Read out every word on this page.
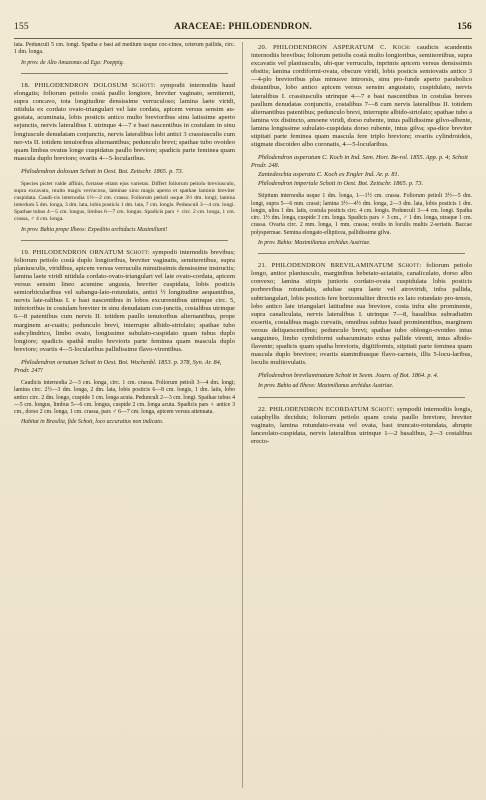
155	ARACEAE: PHILODENDRON.	156

lata. Pedunculi 5 cm. longi. Spatha e basi ad medium usque coc-cinea, ceterum pallida, circ. 1 dm. longa.

In prov. de Alto Amazonas ad Ega: Poeppig.

18. PHILODENDRON DOLOSUM Schott: sympodii internodiis haud elongatis; foliorum petiolo costà paullo longiore, breviter vaginato, semitereti, supra concavo, tota longitudine densissime verruculoso; lamina laete viridi, nitidula ex cordato ovato-triangulari vel late cordata, apicem versus sensim au-gustata, acuminata, lobis posticis antico multo brevioribus sinu latissime aperto sejunctis, nervis lateralibus I. utrinque 4—7 e basi nascentibus in costulam in sinu longiuscule denudatam conjunctis, nervis lateralibus lobi antici 3 crassiusculis cum ner-vis II. totidem tenuioribus alternantibus; pedunculo brevi; spathae tubo ovoideo quam limbus ovatus longe cuspidatus paullo breviore; spadicis parte feminea quam mascula duplo breviore; ovariis 4—5-locularibus.

Philodendron dolosum Schott in Oest. Bot. Zeitschr. 1865. p. 73.

Species pictet valde affinis, fortasse etiam ejus varietas. Differt foliorum petiolo breviusculo, supra excavato, multo magis verrucoso, laminae sinu magis aperto et spathae laminis breviter cuspidata. Caudi-cis internodia 1½—2 cm. crassa. Foliorum petioli usque 3½ dm. longi; lamina interdum 5 dm. longa, 3 dm. lata, lobis posticis 1 dm. lata, 7 cm. longis. Pedunculi 3—4 cm. longi. Spathae tubus 4—5 cm. longus, limbus 6—7 cm. longus. Spadicis pars ♀ circ. 2 cm. longa, 1 cm. crassa, ♂ 4 cm. longa.

In prov. Bahia prope Ilheos: Expeditio archiducis Maximiliani!

19. PHILODENDRON ORNATUM Schott: sympodii internodiis brevibus; foliorum petiolo costà duplo longioribus, breviter vaginatis, semiteretibus, supra planiusculis, viridibus, apicem versus verruculis minutissimis densissime instructis; lamina laete viridi nitidula cordato-ovato-triangulari vel late ovato-cordata, apicem versus sensim lineo acumine angusta, breviter cuspidata, lobis posticis semiorbicularibus vel subangu-lato-rotundatis, antici ½ longitudine aequantibus, nervis late-ralibus I. e basi nascentibus in lobos excurrentibus utrinque circ. 5, inferioribus in costulam breviter in sinu denudatam con-junctis, costalibus utrinque 6—8 patentibus cum nervis II. totidem paullo tenuioribus alternantibus, prope marginem ar-cuatis; pedunculo brevi, interrupte albido-striolato; spathae tubo subcylindrico, limbo ovato, longissime subulato-cuspidato quam tubus duplo longiore; spadicis spathâ multo brevioris parte feminea quam mascula duplo breviore; ovariis 4—5-locularibus pallidissime flavo-virentibus.

Philodendron ornatum Schott in Oest. Bot. Wochenbl. 1853. p. 378, Syn. Ar. 84, Prodr. 247!

Caudicis internodia 2—3 cm. longa, circ. 1 cm. crassa. Foliorum petioli 3—4 dm. longi; lamina circ. 2½—3 dm. longa, 2 dm. lata, lobis posticis 6—8 cm. longis, 1 dm. latis, lobo antico circ. 2 dm. longo, cuspide 1 cm. longa acuta. Pedunculi 2—3 cm. longi. Spathae tubus 4—5 cm. longus, limbus 5—6 cm. longus, cuspide 2 cm. longa acuta. Spadicis pars ♀ antice 3 cm., dorso 2 cm. longa, 1 cm. crassa, pars ♂ 6—7 cm. longa, apicem versus attenuata.

Habitat in Brasilia, fide Schott, loco accuratius non indicato.

20. PHILODENDRON ASPERATUM C. Koch: caudicis scandentis internodiis brevibus; foliorum petiolis costà multo longioribus, semiteretibus, supra excavatis vel planiusculis, ubi-que verruculis, inprimis apicem versus densissimis obsitis; lamina cordiformi-ovata, obscure viridi, lobis posticis semiovatis antico 3—4-plo brevioribus plus minusve introrsis, sinu pro-funde aperto parabolico distantibus, lobo antico apicem versus sensim angustato, cuspidulato, nervis lateralibus I. crassiusculis utrinque 4—7 e basi nascentibus in costulas breves paullum denudatas conjunctis, costalibus 7—8 cum nervis lateralibus II. totidem alternantibus patentibus; pedunculo brevi, interrupte albido-striolato; spathae tubo a lamina vix distincto, amoene viridi, dorso rubente, intus pallidissime gilvo-albente, lamina longissime subulato-cuspidata dorso rubente, intus gilva; spa-dice breviter stipitati parte feminea quam mascula fere triplo breviore; ovariis cylindroideis, stigmate discoideo albo coronatis, 4—5-locularibus.

Philodendron asperatum C. Koch in Ind. Sem. Hort. Be-rol. 1855. App. p. 4; Schott Prodr. 248.

Zantedeschia asperata C. Koch ex Engler Ind. Ar. p. 81.

Philodendron imperiale Schott in Oest. Bot. Zeitschr. 1865. p. 73.

Stipitum internodia usque 1 dm. longa, 1—1½ cm. crassa. Foliorum petioli 3½—5 dm. longi, supra 5—6 mm. crassi; lamina 3½—4½ dm. longa, 2—3 dm. lata, lobis posticis 1 dm. longis, ultra 1 dm. latis, costula posticis circ. 4 cm. longis. Pedunculi 3—4 cm. longi. Spatha circ. 1½ dm. longa, cuspide 3 cm. longa. Spadicis pars ♀ 3 cm., ♂ 1 dm. longa, utraque 1 cm. crassa. Ovaria circ. 2 mm. longa, 1 mm. crassa; ovulis in loculis multis 2-seriatis. Baccae polyspermae. Semina elongato-ellipticea, pallidissime gilva.

In prov. Bahia: Maximilianus archidux Austriae.

21. PHILODENDRON BREVILAMINATUM Schott: foliorum petiolo longo, antice planiusculo, marginibus hebetato-aciatatis, canaliculato, dorso albo convexo; lamina stirpis junioris cordato-ovata cuspidulata lobis posticis porbrevibus rotundatis, adultae supra laete vel atroviridi, infra pallida, subtriangulari, lobis posticis fere horizontaliter directis ex lato rotundato pro-tensis, lobo antico late triangulari latitudine sua breviore, costa infra alte prominente, supra canaliculata, nervis lateralibus I. utrinque 7—8, basalibus subradiatim exsertis, costalibus magis curvatis, omnibus subtus haud prominentibus, marginem versus deliquescentibus; pedunculo brevi; spathae tubo oblongo-ovoideo intus sanguineo, limbo cymbiformi subacuminato extus pallide virenti, intus albido-flavente; spadicis quam spatha brevioris, digitiformis, stipitati parte feminea quam mascula duplo breviore; ovariis staminibusque flavo-carneis, illis 5-locu-laribus, loculis multiovulatis.

Philodendron brevilaminatum Schott in Seem. Journ. of Bot. 1864. p. 4.

In prov. Bahia ad Ilheos: Maximilianus archidux Austriae.

22. PHILODENDRON ECORDATUM Schott: sympodii internodiis longis, cataphyllis deciduis; foliorum petiolo quam costa paullo breviore, breviter vaginato, lamina rotundato-ovata vel ovata, basi truncato-rotundata, abrupte lanceolato-cuspidata, nervis lateralibus utrinque 1—2 basalibus, 2—3 costalibus erecto-
